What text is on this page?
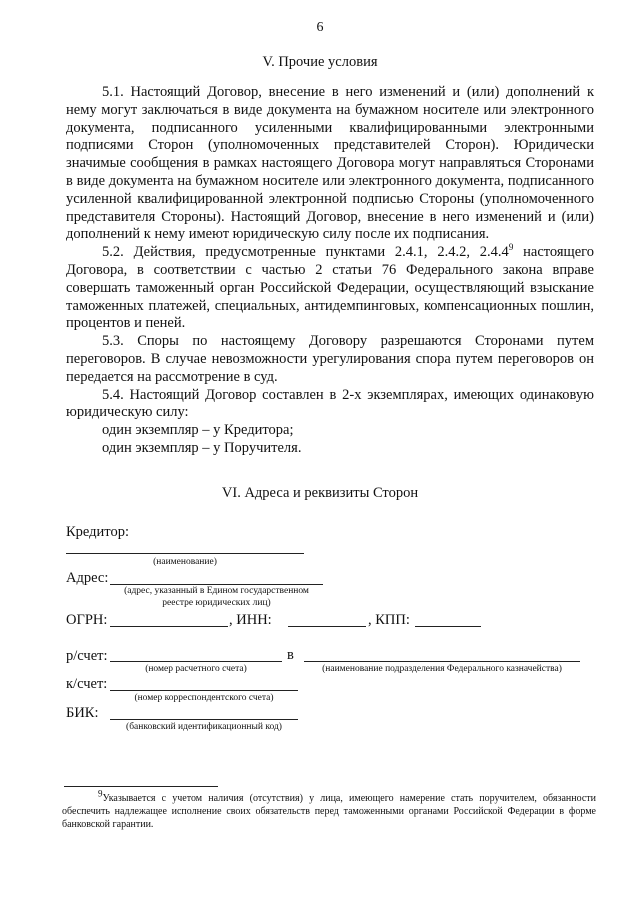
6
V. Прочие условия

5.1. Настоящий Договор, внесение в него изменений и (или) дополнений к нему могут заключаться в виде документа на бумажном носителе или электронного документа, подписанного усиленными квалифицированными электронными подписями Сторон (уполномоченных представителей Сторон). Юридически значимые сообщения в рамках настоящего Договора могут направляться Сторонами в виде документа на бумажном носителе или электронного документа, подписанного усиленной квалифицированной электронной подписью Стороны (уполномоченного представителя Стороны). Настоящий Договор, внесение в него изменений и (или) дополнений к нему имеют юридическую силу после их подписания.

5.2. Действия, предусмотренные пунктами 2.4.1, 2.4.2, 2.4.4$^9$ настоящего Договора, в соответствии с частью 2 статьи 76 Федерального закона вправе совершать таможенный орган Российской Федерации, осуществляющий взыскание таможенных платежей, специальных, антидемпинговых, компенсационных пошлин, процентов и пеней.

5.3. Споры по настоящему Договору разрешаются Сторонами путем переговоров. В случае невозможности урегулирования спора путем переговоров он передается на рассмотрение в суд.

5.4. Настоящий Договор составлен в 2-х экземплярах, имеющих одинаковую юридическую силу:

один экземпляр – у Кредитора;

один экземпляр – у Поручителя.

VI. Адреса и реквизиты Сторон
Кредитор:
(наименование)
Адрес:
(адрес, указанный в Едином государственном
реестре юридических лиц)
ОГРН:	, ИНН:	, КПП:
р/счет:
(номер расчетного счета)
в
(наименование подразделения Федерального казначейства)
к/счет:
(номер корреспондентского счета)
БИК:
(банковский идентификационный код)

$^9$Указывается с учетом наличия (отсутствия) у лица, имеющего намерение стать поручителем, обязанности обеспечить надлежащее исполнение своих обязательств перед таможенными органами Российской Федерации в форме банковской гарантии.
